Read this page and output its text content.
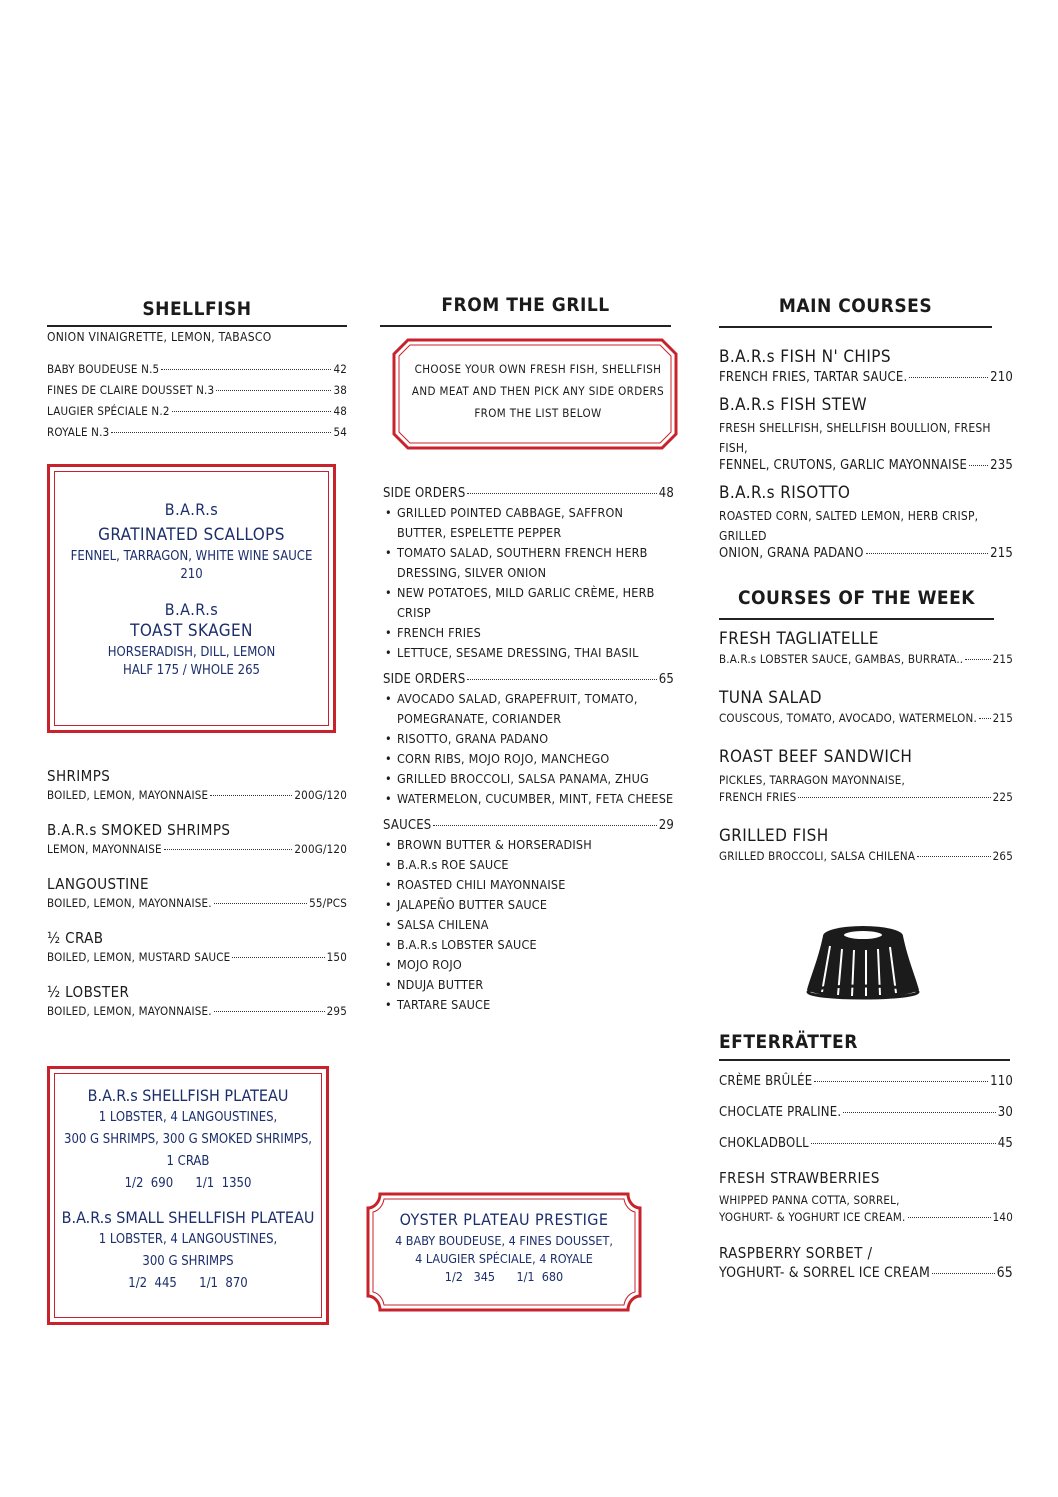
SHELLFISH
ONION VINAIGRETTE, LEMON, TABASCO
BABY BOUDEUSE N.5	42
FINES DE CLAIRE DOUSSET N.3	38
LAUGIER SPÉCIALE N.2	48
ROYALE N.3	54
B.A.R.s
GRATINATED SCALLOPS
FENNEL, TARRAGON, WHITE WINE SAUCE
210
B.A.R.s
TOAST SKAGEN
HORSERADISH, DILL, LEMON
HALF 175 / WHOLE 265
SHRIMPS
BOILED, LEMON, MAYONNAISE	200G/120
B.A.R.s SMOKED SHRIMPS
LEMON, MAYONNAISE	200G/120
LANGOUSTINE
BOILED, LEMON, MAYONNAISE.	55/PCS
½ CRAB
BOILED, LEMON, MUSTARD SAUCE	150
½ LOBSTER
BOILED, LEMON, MAYONNAISE.	295
B.A.R.s SHELLFISH PLATEAU
1 LOBSTER, 4 LANGOUSTINES,
300 G SHRIMPS, 300 G SMOKED SHRIMPS,
1 CRAB
1/2  690      1/1  1350
B.A.R.s SMALL SHELLFISH PLATEAU
1 LOBSTER, 4 LANGOUSTINES,
300 G SHRIMPS
1/2  445      1/1  870
FROM THE GRILL
CHOOSE YOUR OWN FRESH FISH, SHELLFISH AND MEAT AND THEN PICK ANY SIDE ORDERS FROM THE LIST BELOW
SIDE ORDERS	48
• GRILLED POINTED CABBAGE, SAFFRON BUTTER, ESPELETTE PEPPER
• TOMATO SALAD, SOUTHERN FRENCH HERB DRESSING, SILVER ONION
• NEW POTATOES, MILD GARLIC CRÈME, HERB CRISP
• FRENCH FRIES
• LETTUCE, SESAME DRESSING, THAI BASIL
SIDE ORDERS	65
• AVOCADO SALAD, GRAPEFRUIT, TOMATO, POMEGRANATE, CORIANDER
• RISOTTO, GRANA PADANO
• CORN RIBS, MOJO ROJO, MANCHEGO
• GRILLED BROCCOLI, SALSA PANAMA, ZHUG
• WATERMELON, CUCUMBER, MINT, FETA CHEESE
SAUCES	29
• BROWN BUTTER & HORSERADISH
• B.A.R.s ROE SAUCE
• ROASTED CHILI MAYONNAISE
• JALAPEÑO BUTTER SAUCE
• SALSA CHILENA
• B.A.R.s LOBSTER SAUCE
• MOJO ROJO
• NDUJA BUTTER
• TARTARE SAUCE
OYSTER PLATEAU PRESTIGE
4 BABY BOUDEUSE, 4 FINES DOUSSET,
4 LAUGIER SPÉCIALE, 4 ROYALE
1/2   345      1/1  680
MAIN COURSES
B.A.R.s FISH N' CHIPS
FRENCH FRIES, TARTAR SAUCE.	210
B.A.R.s FISH STEW
FRESH SHELLFISH, SHELLFISH BOULLION, FRESH FISH,
FENNEL, CRUTONS, GARLIC MAYONNAISE 235
B.A.R.s RISOTTO
ROASTED CORN, SALTED LEMON, HERB CRISP, GRILLED
ONION, GRANA PADANO	215
COURSES OF THE WEEK
FRESH TAGLIATELLE
B.A.R.s LOBSTER SAUCE, GAMBAS, BURRATA..	215
TUNA SALAD
COUSCOUS, TOMATO, AVOCADO, WATERMELON. 215
ROAST BEEF SANDWICH
PICKLES, TARRAGON MAYONNAISE,
FRENCH FRIES	225
GRILLED FISH
GRILLED BROCCOLI, SALSA CHILENA	265
EFTERRÄTTER
CRÈME BRÛLÉE	110
CHOCLATE PRALINE.	30
CHOKLADBOLL	45
FRESH STRAWBERRIES
WHIPPED PANNA COTTA, SORREL,
YOGHURT- & YOGHURT ICE CREAM.	140
RASPBERRY SORBET /
YOGHURT- & SORREL ICE CREAM	65
